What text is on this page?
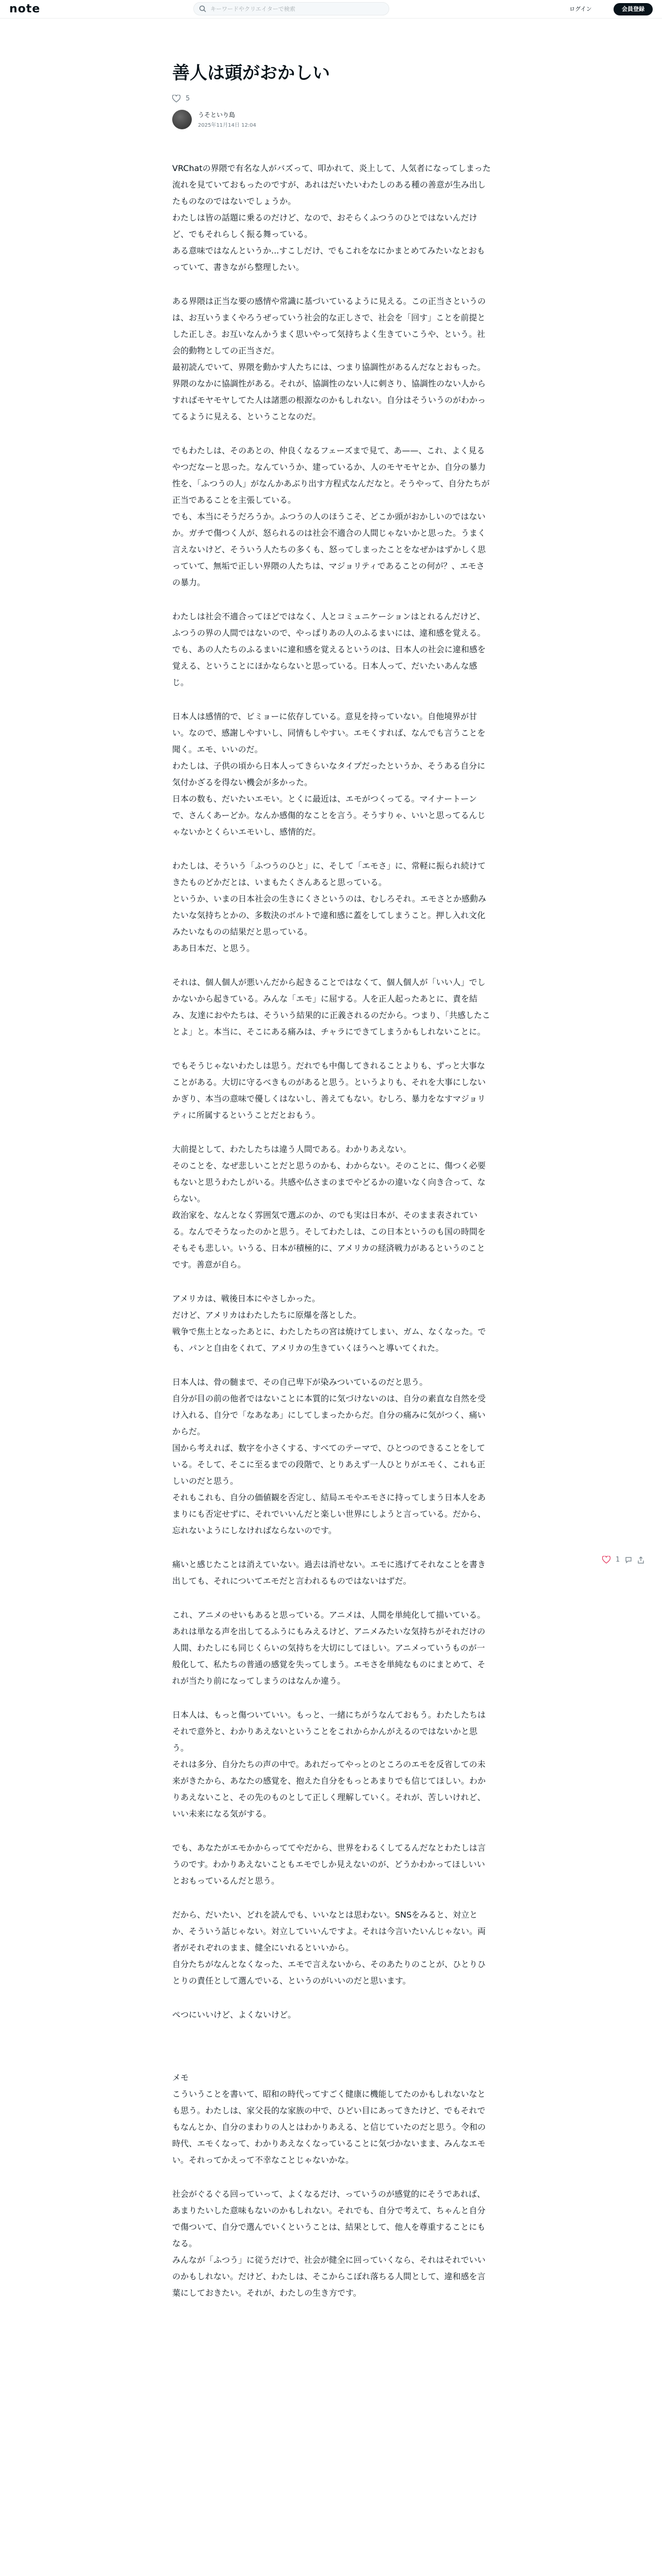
note
キーワードやクリエイターで検索	ログイン	会員登録
善人は頭がおかしい
5
うそといり島
2025年11月14日 12:04

VRChatの界隈で有名な人がバズって、叩かれて、炎上して、人気者になってしまった流れを見ていておもったのですが、あれはだいたいわたしのある種の善意が生み出したものなのではないでしょうか。
わたしは皆の話題に乗るのだけど、なので、おそらくふつうのひとではないんだけど、でもそれらしく振る舞っている。
ある意味ではなんというか...すこしだけ、でもこれをなにかまとめてみたいなとおもっていて、書きながら整理したい。

ある界隈は正当な要の感情や常識に基づいているように見える。この正当さというのは、お互いうまくやろうぜっていう社会的な正しさで、社会を「回す」ことを前提とした正しさ。お互いなんかうまく思いやって気持ちよく生きていこうや、という。社会的動物としての正当さだ。
最初読んでいて、界隈を動かす人たちには、つまり協調性があるんだなとおもった。界隈のなかに協調性がある。それが、協調性のない人に刺さり、協調性のない人からすればモヤモヤしてた人は諸悪の根源なのかもしれない。自分はそういうのがわかってるように見える、ということなのだ。

でもわたしは、そのあとの、仲良くなるフェーズまで見て、あ——、これ、よく見るやつだなーと思った。なんていうか、建っているか、人のモヤモヤとか、自分の暴力性を、「ふつうの人」がなんかあぶり出す方程式なんだなと。そうやって、自分たちが正当であることを主張している。
でも、本当にそうだろうか。ふつうの人のほうこそ、どこか頭がおかしいのではないか。ガチで傷つく人が、怒られるのは社会不適合の人間じゃないかと思った。うまく言えないけど、そういう人たちの多くも、怒ってしまったことをなぜかはずかしく思っていて、無垢で正しい界隈の人たちは、マジョリティであることの何が？、エモさの暴力。

わたしは社会不適合ってほどではなく、人とコミュニケーションはとれるんだけど、ふつうの界の人間ではないので、やっぱりあの人のふるまいには、違和感を覚える。でも、あの人たちのふるまいに違和感を覚えるというのは、日本人の社会に違和感を覚える、ということにほかならないと思っている。日本人って、だいたいあんな感じ。

日本人は感情的で、ビミョーに依存している。意見を持っていない。自他境界が甘い。なので、感謝しやすいし、同情もしやすい。エモくすれば、なんでも言うことを聞く。エモ、いいのだ。
わたしは、子供の頃から日本人ってきらいなタイプだったというか、そうある自分に気付かざるを得ない機会が多かった。
日本の数も、だいたいエモい。とくに最近は、エモがつくってる。マイナートーンで、さんくあーどか。なんか感傷的なことを言う。そうすりゃ、いいと思ってるんじゃないかとくらいエモいし、感情的だ。

わたしは、そういう「ふつうのひと」に、そして「エモさ」に、常軽に振られ続けてきたものどかだとは、いまもたくさんあると思っている。
というか、いまの日本社会の生きにくさというのは、むしろそれ。エモさとか感動みたいな気持ちとかの、多数決のボルトで違和感に蓋をしてしまうこと。押し入れ文化みたいなものの結果だと思っている。
ああ日本だ、と思う。

それは、個人個人が悪いんだから起きることではなくて、個人個人が「いい人」でしかないから起きている。みんな「エモ」に屈する。人を正人起ったあとに、責を結み、友達におやたちは、そういう結果的に正義されるのだから。つまり、「共感したことよ」と。本当に、そこにある痛みは、チャラにできてしまうかもしれないことに。

でもそうじゃないわたしは思う。だれでも中傷してきれることよりも、ずっと大事なことがある。大切に守るべきものがあると思う。というよりも、それを大事にしないかぎり、本当の意味で優しくはないし、善えてもない。むしろ、暴力をなすマジョリティに所属するということだとおもう。

大前提として、わたしたちは違う人間である。わかりあえない。
そのことを、なぜ悲しいことだと思うのかも、わからない。そのことに、傷つく必要もないと思うわたしがいる。共感や仏さまのまでやどるかの違いなく向き合って、ならない。
政治家を、なんとなく雰囲気で選ぶのか、のでも実は日本が、そのまま表されている。なんでそうなったのかと思う。そしてわたしは、この日本というのも国の時間をそもそも悲しい。いうる、日本が積極的に、アメリカの経済戦力があるというのことです。善意が自ら。

アメリカは、戦後日本にやさしかった。
だけど、アメリカはわたしたちに原爆を落とした。
戦争で焦土となったあとに、わたしたちの宮は焼けてしまい、ガム、なくなった。でも、パンと自由をくれて、アメリカの生きていくほうへと導いてくれた。

日本人は、骨の髄まで、その自己卑下が染みついているのだと思う。
自分が目の前の他者ではないことに本質的に気づけないのは、自分の素直な自然を受け入れる、自分で「なあなあ」にしてしまったからだ。自分の痛みに気がつく、痛いからだ。
国から考えれば、数字を小さくする、すべてのテーマで、ひとつのできることをしている。そして、そこに至るまでの段階で、とりあえず一人ひとりがエモく、これも正しいのだと思う。
それもこれも、自分の価値観を否定し、結局エモやエモさに持ってしまう日本人をあまりにも否定せずに、それでいいんだと楽しい世界にしようと言っている。だから、忘れないようにしなければならないのです。

痛いと感じたことは消えていない。過去は消せない。エモに逃げてそれなことを書き出しても、それについてエモだと言われるものではないはずだ。

これ、アニメのせいもあると思っている。アニメは、人間を単純化して描いている。あれは単なる声を出してるふうにもみえるけど、アニメみたいな気持ちがそれだけの人間、わたしにも同じくらいの気持ちを大切にしてほしい。アニメっていうものが一般化して、私たちの普通の感覚を失ってしまう。エモさを単純なものにまとめて、それが当たり前になってしまうのはなんか違う。

日本人は、もっと傷ついていい。もっと、一緒にちがうなんておもう。わたしたちはそれで意外と、わかりあえないということをこれからかんがえるのではないかと思う。
それは多分、自分たちの声の中で。あれだってやっとのところのエモを反省しての未来がきたから、あなたの感覚を、抱えた自分をもっとあまりでも信じてほしい。わかりあえないこと、その先のものとして正しく理解していく。それが、苦しいけれど、いい未来になる気がする。

でも、あなたがエモかからっててやだから、世界をわるくしてるんだなとわたしは言うのです。わかりあえないこともエモでしか見えないのが、どうかわかってほしいいとおもっているんだと思う。

だから、だいたい、どれを読んでも、いいなとは思わない。SNSをみると、対立とか、そういう話じゃない。対立していいんですよ。それは今言いたいんじゃない。両者がそれぞれのまま、健全にいれるといいから。
自分たちがなんとなくなった、エモで言えないから、そのあたりのことが、ひとりひとりの責任として選んでいる、というのがいいのだと思います。

ぺつにいいけど、よくないけど。

メモ

こういうことを書いて、昭和の時代ってすごく健康に機能してたのかもしれないなとも思う。わたしは、家父長的な家族の中で、ひどい目にあってきたけど、でもそれでもなんとか、自分のまわりの人とはわかりあえる、と信じていたのだと思う。令和の時代、エモくなって、わかりあえなくなっていることに気づかないまま、みんなエモい。それってかえって不幸なことじゃないかな。

社会がぐるぐる回っていって、よくなるだけ、っていうのが感覚的にそうであれば、あまりたいした意味もないのかもしれない。それでも、自分で考えて、ちゃんと自分で傷ついて、自分で選んでいくということは、結果として、他人を尊重することにもなる。
みんなが「ふつう」に従うだけで、社会が健全に回っていくなら、それはそれでいいのかもしれない。だけど、わたしは、そこからこぼれ落ちる人間として、違和感を言葉にしておきたい。それが、わたしの生き方です。

1
